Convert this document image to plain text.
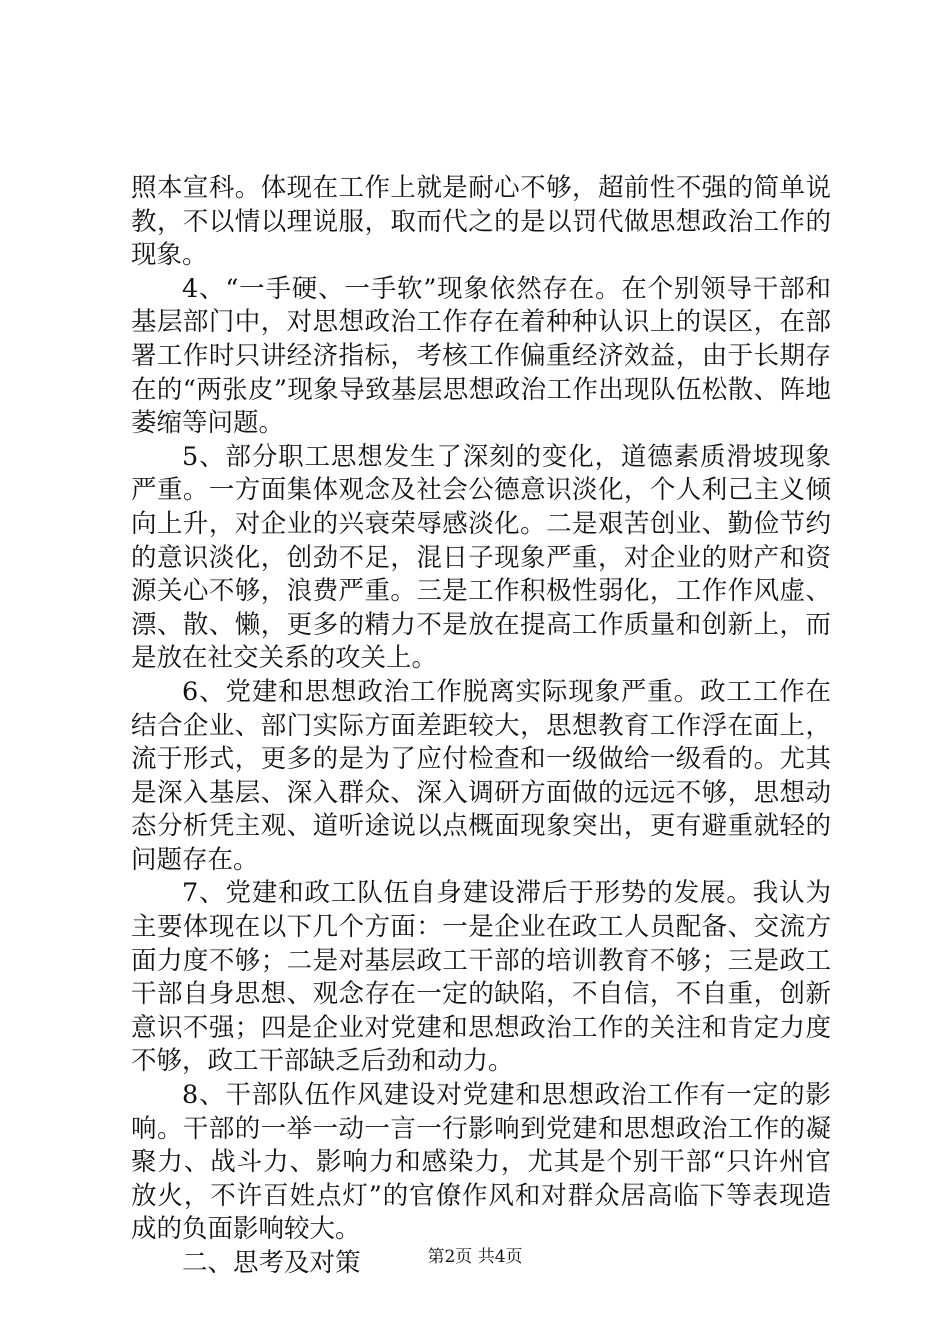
照本宣科。体现在工作上就是耐心不够，超前性不强的简单说教，不以情以理说服，取而代之的是以罚代做思想政治工作的现象。

4、“一手硬、一手软”现象依然存在。在个别领导干部和基层部门中，对思想政治工作存在着种种认识上的误区，在部署工作时只讲经济指标，考核工作偏重经济效益，由于长期存在的“两张皮”现象导致基层思想政治工作出现队伍松散、阵地萎缩等问题。

5、部分职工思想发生了深刻的变化，道德素质滑坡现象严重。一方面集体观念及社会公德意识淡化，个人利己主义倾向上升，对企业的兴衰荣辱感淡化。二是艰苦创业、勤俭节约的意识淡化，创劲不足，混日子现象严重，对企业的财产和资源关心不够，浪费严重。三是工作积极性弱化，工作作风虚、漂、散、懒，更多的精力不是放在提高工作质量和创新上，而是放在社交关系的攻关上。

6、党建和思想政治工作脱离实际现象严重。政工工作在结合企业、部门实际方面差距较大，思想教育工作浮在面上，流于形式，更多的是为了应付检查和一级做给一级看的。尤其是深入基层、深入群众、深入调研方面做的远远不够，思想动态分析凭主观、道听途说以点概面现象突出，更有避重就轻的问题存在。

7、党建和政工队伍自身建设滞后于形势的发展。我认为主要体现在以下几个方面：一是企业在政工人员配备、交流方面力度不够；二是对基层政工干部的培训教育不够；三是政工干部自身思想、观念存在一定的缺陷，不自信，不自重，创新意识不强；四是企业对党建和思想政治工作的关注和肯定力度不够，政工干部缺乏后劲和动力。

8、干部队伍作风建设对党建和思想政治工作有一定的影响。干部的一举一动一言一行影响到党建和思想政治工作的凝聚力、战斗力、影响力和感染力，尤其是个别干部“只许州官放火，不许百姓点灯”的官僚作风和对群众居高临下等表现造成的负面影响较大。

二、思考及对策	第2页 共4页
